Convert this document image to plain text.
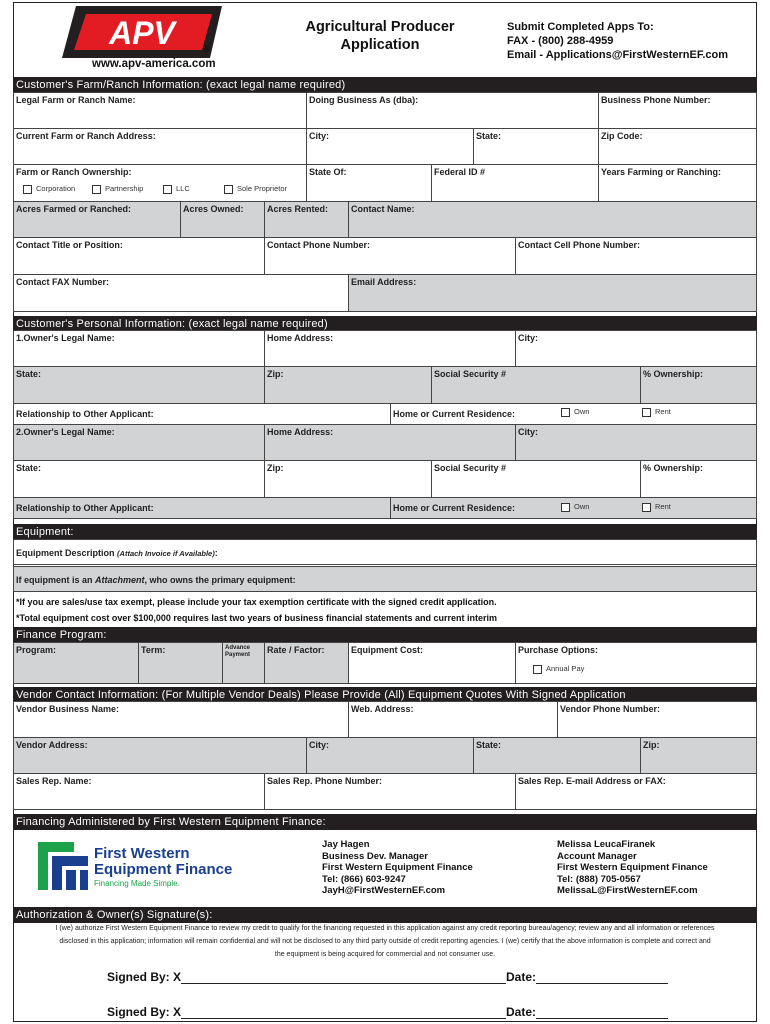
APV	®
www.apv-america.com
Agricultural Producer
Application
Submit Completed Apps To:
FAX - (800) 288-4959
Email - Applications@FirstWesternEF.com
Customer's Farm/Ranch Information: (exact legal name required)
Legal Farm or Ranch Name:	Doing Business As (dba):	Business Phone Number:
Current Farm or Ranch Address:	City:	State:	Zip Code:
Farm or Ranch Ownership:
Corporation	Partnership	LLC	Sole Proprietor
State Of:	Federal ID #	Years Farming or Ranching:
Acres Farmed or Ranched:	Acres Owned:	Acres Rented:	Contact Name:
Contact Title or Position:	Contact Phone Number:	Contact Cell Phone Number:
Contact FAX Number:	Email Address:
Customer's Personal Information: (exact legal name required)
1.Owner's Legal Name:	Home Address:	City:
State:	Zip:	Social Security #	% Ownership:
Relationship to Other Applicant:	Home or Current Residence:	Own	Rent
2.Owner's Legal Name:	Home Address:	City:
State:	Zip:	Social Security #	% Ownership:
Relationship to Other Applicant:	Home or Current Residence:	Own	Rent
Equipment:
Equipment Description (Attach Invoice if Available):
If equipment is an Attachment, who owns the primary equipment:
*If you are sales/use tax exempt, please include your tax exemption certificate with the signed credit application.
*Total equipment cost over $100,000 requires last two years of business financial statements and current interim
Finance Program:
Program:	Term:	Advance Payment	Rate / Factor:	Equipment Cost:	Purchase Options:
Annual Pay
Vendor Contact Information: (For Multiple Vendor Deals) Please Provide (All) Equipment Quotes With Signed Application
Vendor Business Name:	Web. Address:	Vendor Phone Number:
Vendor Address:	City:	State:	Zip:
Sales Rep. Name:	Sales Rep. Phone Number:	Sales Rep. E-mail Address or FAX:
Financing Administered by First Western Equipment Finance:
First Western
Equipment Finance
Financing Made Simple.
Jay Hagen
Business Dev. Manager
First Western Equipment Finance
Tel: (866) 603-9247
JayH@FirstWesternEF.com
Melissa LeucaFiranek
Account Manager
First Western Equipment Finance
Tel: (888) 705-0567
MelissaL@FirstWesternEF.com
Authorization & Owner(s) Signature(s):
I (we) authorize First Western Equipment Finance to review my credit to qualify for the financing requested in this application against any credit reporting bureau/agency; review any and all information or references
disclosed in this application; information will remain confidential and will not be disclosed to any third party outside of credit reporting agencies. I (we) certify that the above information is complete and correct and
the equipment is being acquired for commercial and not consumer use.
Signed By: X	Date:
Signed By: X	Date:
